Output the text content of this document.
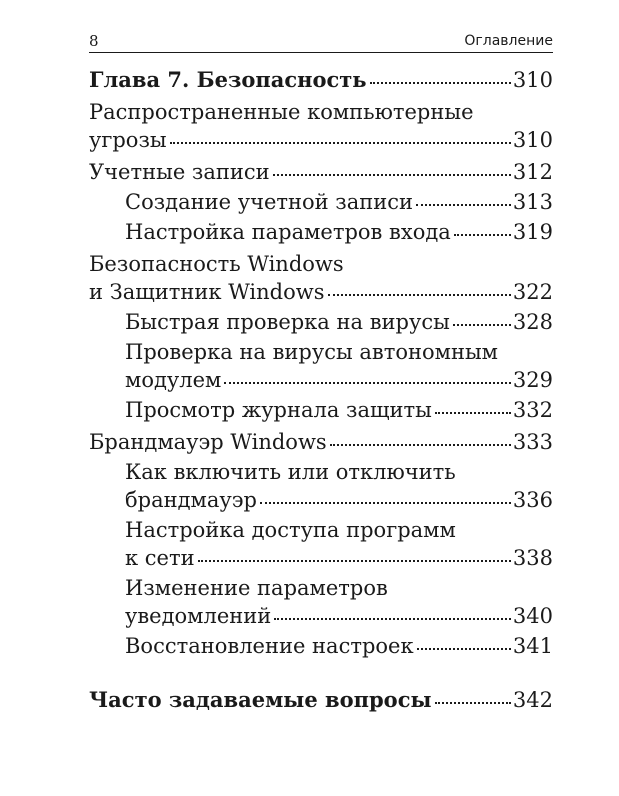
8	Оглавление
Глава 7. Безопасность	310
Распространенные компьютерные
угрозы	310
Учетные записи	312
Создание учетной записи	313
Настройка параметров входа	319
Безопасность Windows
и Защитник Windows	322
Быстрая проверка на вирусы	328
Проверка на вирусы автономным
модулем	329
Просмотр журнала защиты	332
Брандмауэр Windows	333
Как включить или отключить
брандмауэр	336
Настройка доступа программ
к сети	338
Изменение параметров
уведомлений	340
Восстановление настроек	341
Часто задаваемые вопросы	342
